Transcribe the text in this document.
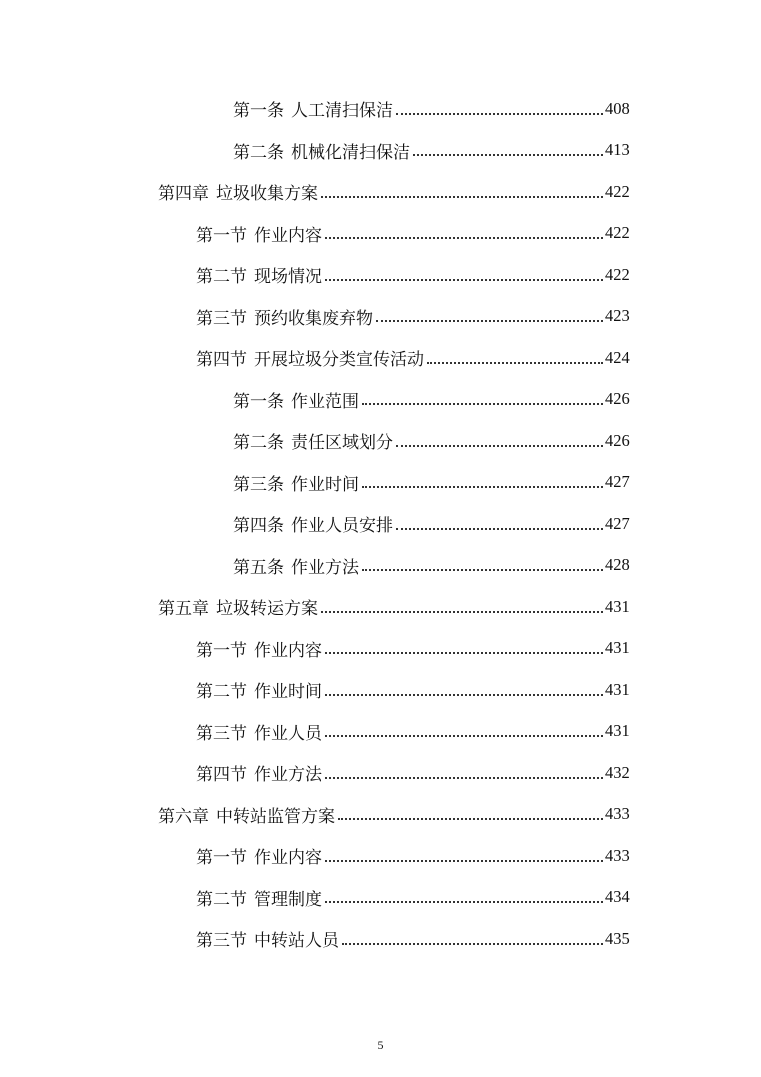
第一条 人工清扫保洁	408
第二条 机械化清扫保洁	413
第四章 垃圾收集方案	422
第一节 作业内容	422
第二节 现场情况	422
第三节 预约收集废弃物	423
第四节 开展垃圾分类宣传活动	424
第一条 作业范围	426
第二条 责任区域划分	426
第三条 作业时间	427
第四条 作业人员安排	427
第五条 作业方法	428
第五章 垃圾转运方案	431
第一节 作业内容	431
第二节 作业时间	431
第三节 作业人员	431
第四节 作业方法	432
第六章 中转站监管方案	433
第一节 作业内容	433
第二节 管理制度	434
第三节 中转站人员	435
5
